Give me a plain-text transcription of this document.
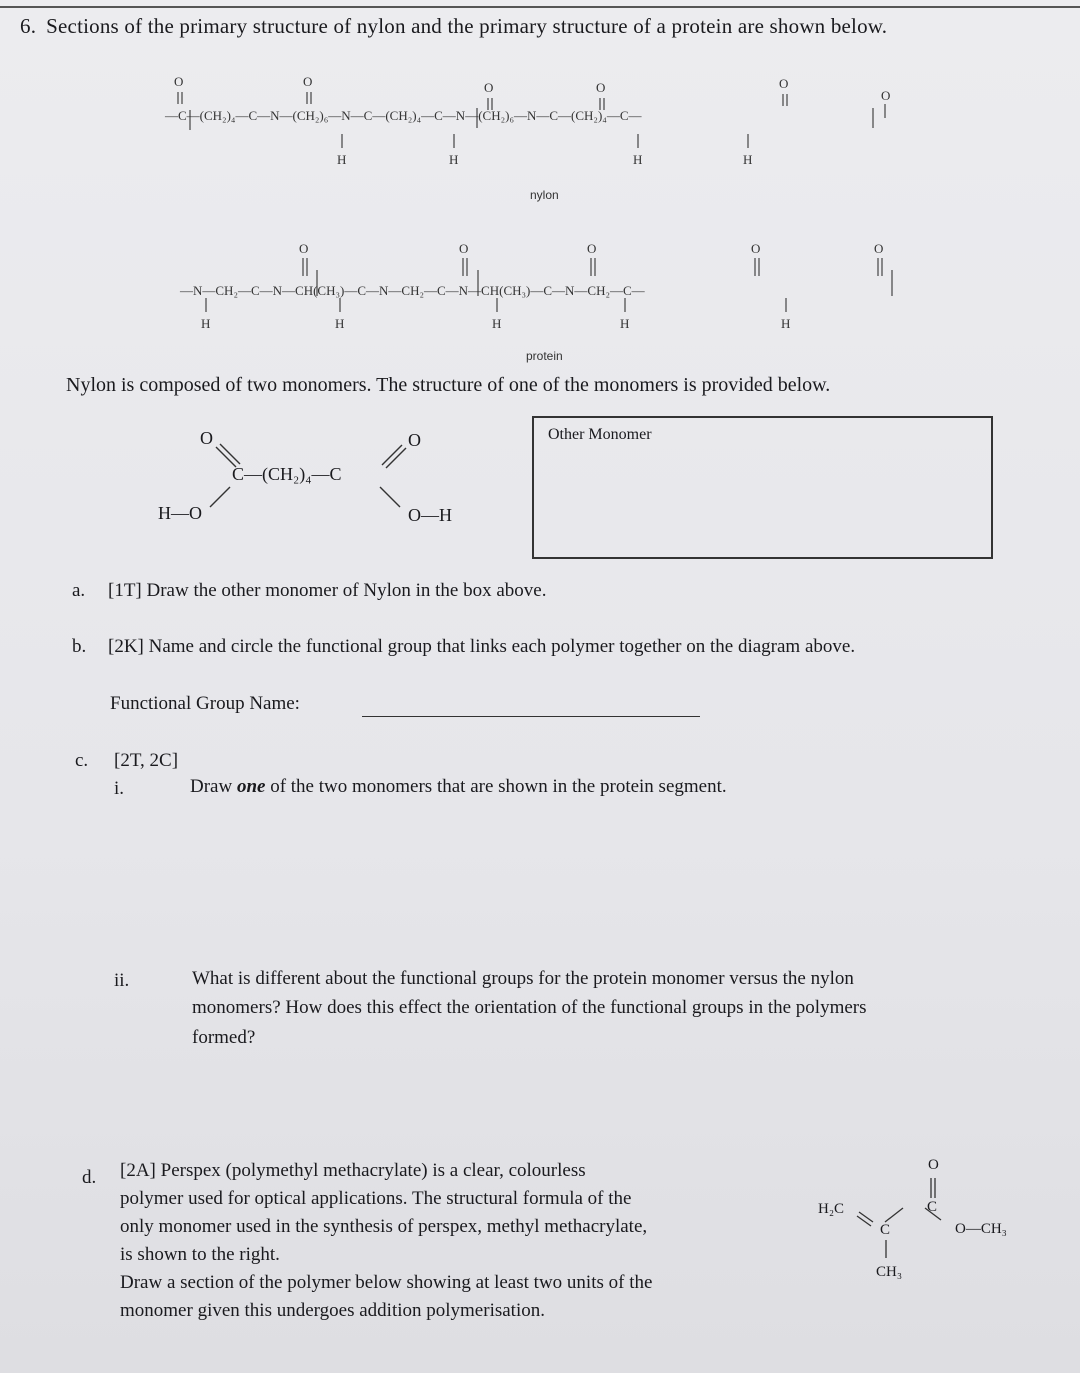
6. Sections of the primary structure of nylon and the primary structure of a protein are shown below.
O	O	O	O	O
O
H	H	H	H
—C—(CH₂)₄—C—N—(CH₂)₆—N—C—(CH₂)₄—C—N—(CH₂)₆—N—C—(CH₂)₄—C—
nylon
O	O	O	O	O
H	H	H	H	H
—N—CH₂—C—N—CH(CH₃)—C—N—CH₂—C—N—CH(CH₃)—C—N—CH₂—C—
protein
Nylon is composed of two monomers. The structure of one of the monomers is provided below.
O	O
C—(CH₂)₄—C
H—O	O—H
Other Monomer
a. [1T] Draw the other monomer of Nylon in the box above.
b. [2K] Name and circle the functional group that links each polymer together on the diagram above.
Functional Group Name:
c. [2T, 2C]
i.	Draw one of the two monomers that are shown in the protein segment.
ii.	What is different about the functional groups for the protein monomer versus the nylon
monomers? How does this effect the orientation of the functional groups in the polymers
formed?
d. [2A] Perspex (polymethyl methacrylate) is a clear, colourless
polymer used for optical applications. The structural formula of the
only monomer used in the synthesis of perspex, methyl methacrylate,
is shown to the right.
Draw a section of the polymer below showing at least two units of the
monomer given this undergoes addition polymerisation.
H₂C
C
C
O
O—CH₃
CH₃
